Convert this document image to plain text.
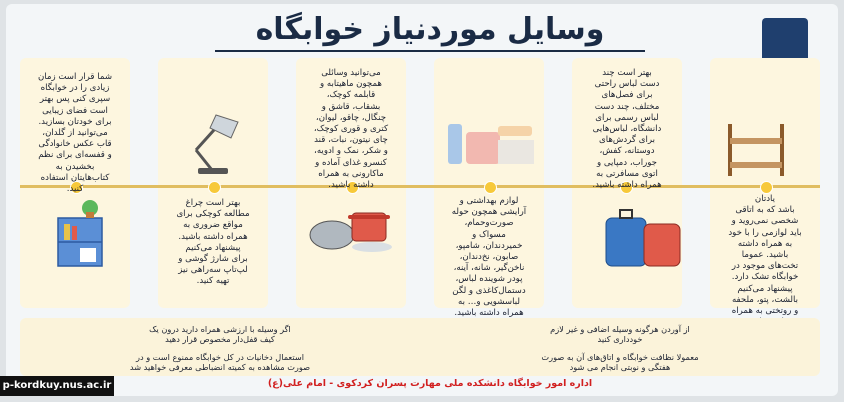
وسایل موردنیاز خوابگاه
شما قرار است زمان
زیادی را در خوابگاه
سپری کنی پس بهتر
است فضای زیبایی
برای خودتان بسازید.
می‌توانید از گلدان،
قاب عکس خانوادگی
و قفسه‌ای برای نظم
بخشیدن به
کتاب‌هایتان استفاده
کنید.
بهتر است چراغ
مطالعه کوچکی برای
مواقع ضروری به
همراه داشته باشید.
پیشنهاد می‌کنیم
برای شارژ گوشی و
لپ‌تاپ سه‌راهی نیز
تهیه کنید.
می‌توانید وسائلی
همچون ماهیتابه و
قابلمه کوچک،
بشقاب، قاشق و
چنگال، چاقو، لیوان،
کتری و قوری کوچک،
چای نیتون، نبات، قند
و شکر، نمک و ادویه،
کنسرو غذای آماده و
ماکارونی به همراه
داشته باشید.
لوازم بهداشتی و
آرایشی همچون حوله
صورت‌وحمام،
مسواک و
خمیردندان، شامپو،
صابون، نخ‌دندان،
ناخن‌گیر، شانه، آینه،
پودر شوینده لباس،
دستمال‌کاغذی و لگن
لباسشویی و… به
همراه داشته باشید.
بهتر است چند
دست لباس راحتی
برای فصل‌های
مختلف، چند دست
لباس رسمی برای
دانشگاه، لباس‌هایی
برای گردش‌های
دوستانه، کفش،
جوراب، دمپایی و
اتوی مسافرتی به
همراه داشته باشید.
یادتان
باشد که به اتاقی
شخصی نمی‌روید و
باید لوازمی را با خود
به همراه داشته
باشید. عموما
تخت‌های موجود در
خوابگاه تشک دارد.
پیشنهاد می‌کنیم
بالشت، پتو، ملحفه
و روتختی به همراه

اگر وسیله با ارزشی همراه دارید درون یک
کیف قفل‌دار مخصوص قرار دهید
استعمال دخانیات در کل خوابگاه ممنوع است و در
صورت مشاهده به کمیته انضباطی معرفی خواهید شد
از آوردن هرگونه وسیله اضافی و غیر لازم
خودداری کنید
معمولا نظافت خوابگاه و اتاق‌های آن به صورت
هفتگی و نوبتی انجام می شود
اداره امور خوابگاه دانشکده ملی مهارت پسران کردکوی - امام علی(ع)
p-kordkuy.nus.ac.ir
